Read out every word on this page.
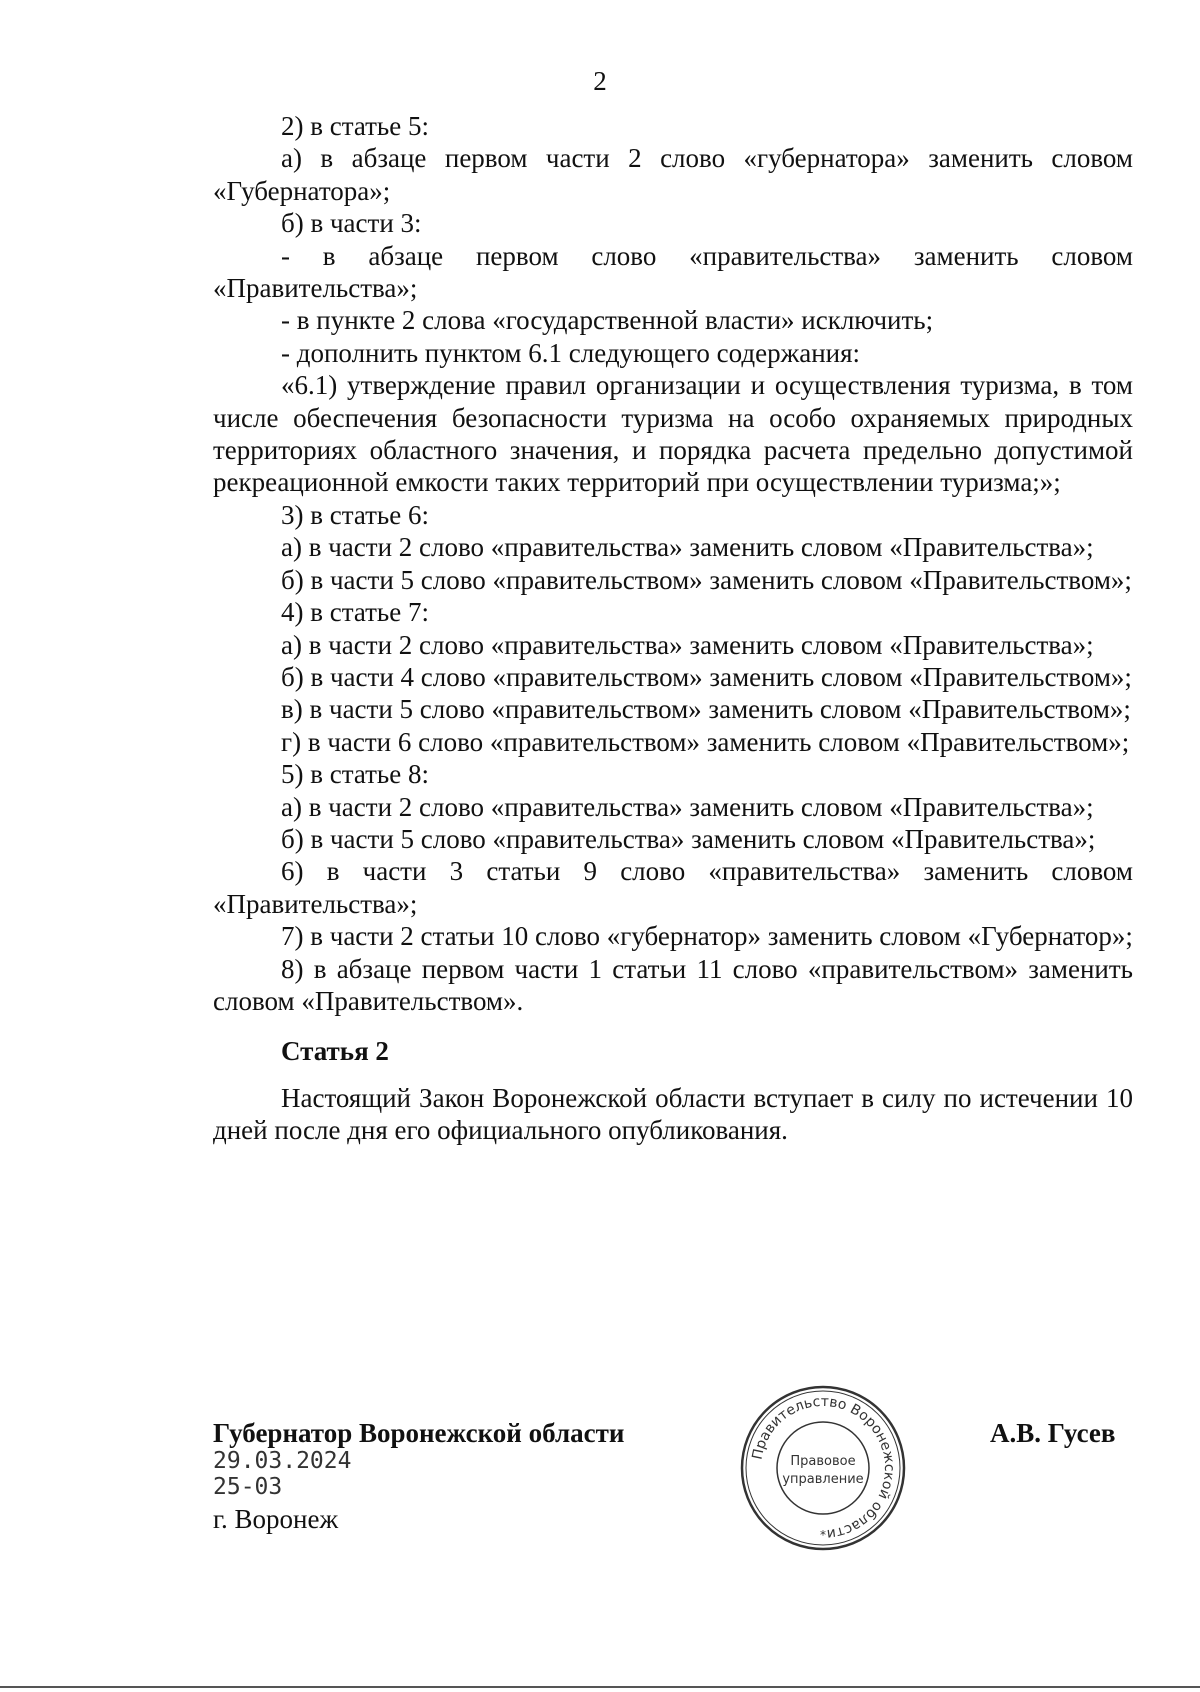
2

2) в статье 5:

а) в абзаце первом части 2 слово «губернатора» заменить словом «Губернатора»;

б) в части 3:

- в абзаце первом слово «правительства» заменить словом «Правительства»;

- в пункте 2 слова «государственной власти» исключить;

- дополнить пунктом 6.1 следующего содержания:

«6.1) утверждение правил организации и осуществления туризма, в том числе обеспечения безопасности туризма на особо охраняемых природных территориях областного значения, и порядка расчета предельно допустимой рекреационной емкости таких территорий при осуществлении туризма;»;

3) в статье 6:

а) в части 2 слово «правительства» заменить словом «Правительства»;

б) в части 5 слово «правительством» заменить словом «Правительством»;

4) в статье 7:

а) в части 2 слово «правительства» заменить словом «Правительства»;

б) в части 4 слово «правительством» заменить словом «Правительством»;

в) в части 5 слово «правительством» заменить словом «Правительством»;

г) в части 6 слово «правительством» заменить словом «Правительством»;

5) в статье 8:

а) в части 2 слово «правительства» заменить словом «Правительства»;

б) в части 5 слово «правительства» заменить словом «Правительства»;

6) в части 3 статьи 9 слово «правительства» заменить словом «Правительства»;

7) в части 2 статьи 10 слово «губернатор» заменить словом «Губернатор»;

8) в абзаце первом части 1 статьи 11 слово «правительством» заменить словом «Правительством».

Статья 2

Настоящий Закон Воронежской области вступает в силу по истечении 10 дней после дня его официального опубликования.

Губернатор Воронежской области
29.03.2024
25-03
г. Воронеж
Правительство Воронежской области
Правовое
управление
*
А.В. Гусев
